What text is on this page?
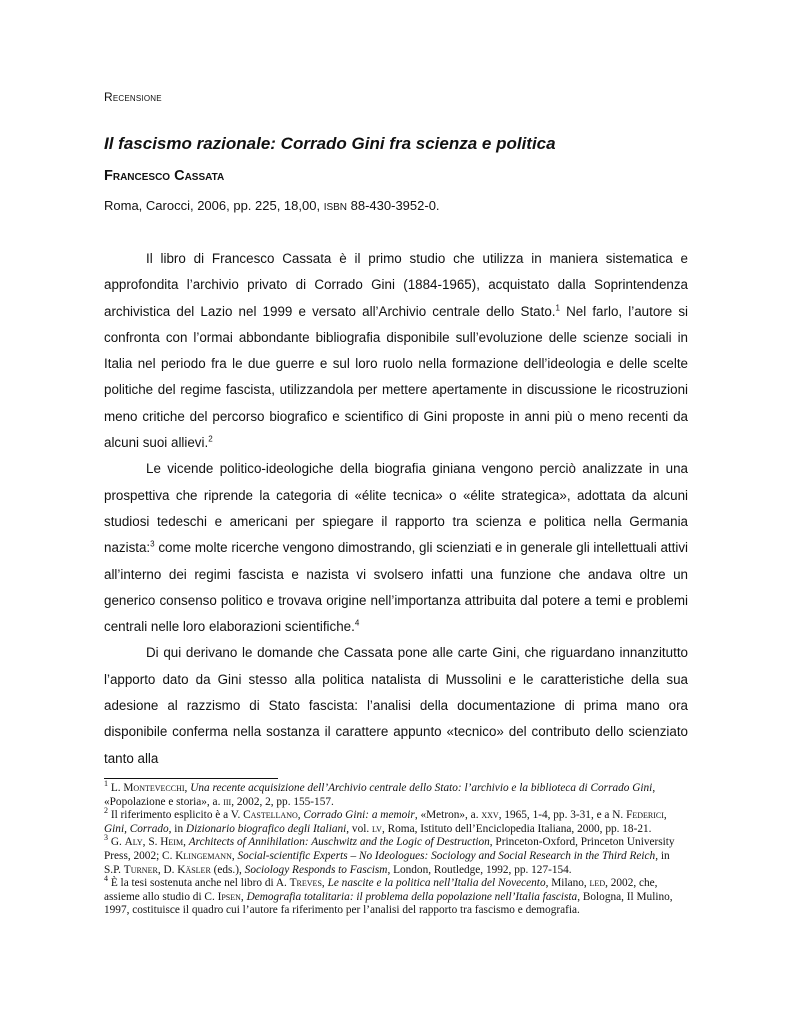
Recensione
Il fascismo razionale: Corrado Gini fra scienza e politica
Francesco Cassata
Roma, Carocci, 2006, pp. 225, 18,00, ISBN 88-430-3952-0.

Il libro di Francesco Cassata è il primo studio che utilizza in maniera sistematica e approfondita l’archivio privato di Corrado Gini (1884-1965), acquistato dalla Soprintendenza archivistica del Lazio nel 1999 e versato all’Archivio centrale dello Stato.$^1$ Nel farlo, l’autore si confronta con l’ormai abbondante bibliografia disponibile sull’evoluzione delle scienze sociali in Italia nel periodo fra le due guerre e sul loro ruolo nella formazione dell’ideologia e delle scelte politiche del regime fascista, utilizzandola per mettere apertamente in discussione le ricostruzioni meno critiche del percorso biografico e scientifico di Gini proposte in anni più o meno recenti da alcuni suoi allievi.$^2$

Le vicende politico-ideologiche della biografia giniana vengono perciò analizzate in una prospettiva che riprende la categoria di «élite tecnica» o «élite strategica», adottata da alcuni studiosi tedeschi e americani per spiegare il rapporto tra scienza e politica nella Germania nazista:$^3$ come molte ricerche vengono dimostrando, gli scienziati e in generale gli intellettuali attivi all’interno dei regimi fascista e nazista vi svolsero infatti una funzione che andava oltre un generico consenso politico e trovava origine nell’importanza attribuita dal potere a temi e problemi centrali nelle loro elaborazioni scientifiche.$^4$

Di qui derivano le domande che Cassata pone alle carte Gini, che riguardano innanzitutto l’apporto dato da Gini stesso alla politica natalista di Mussolini e le caratteristiche della sua adesione al razzismo di Stato fascista: l’analisi della documentazione di prima mano ora disponibile conferma nella sostanza il carattere appunto «tecnico» del contributo dello scienziato tanto alla

$^1$ L. Montevecchi, Una recente acquisizione dell’Archivio centrale dello Stato: l’archivio e la biblioteca di Corrado Gini, «Popolazione e storia», a. iii, 2002, 2, pp. 155-157.

$^2$ Il riferimento esplicito è a V. Castellano, Corrado Gini: a memoir, «Metron», a. xxv, 1965, 1-4, pp. 3-31, e a N. Federici, Gini, Corrado, in Dizionario biografico degli Italiani, vol. lv, Roma, Istituto dell’Enciclopedia Italiana, 2000, pp. 18-21.

$^3$ G. Aly, S. Heim, Architects of Annihilation: Auschwitz and the Logic of Destruction, Princeton-Oxford, Princeton University Press, 2002; C. Klingemann, Social-scientific Experts – No Ideologues: Sociology and Social Research in the Third Reich, in S.P. Turner, D. Käsler (eds.), Sociology Responds to Fascism, London, Routledge, 1992, pp. 127-154.

$^4$ È la tesi sostenuta anche nel libro di A. Treves, Le nascite e la politica nell’Italia del Novecento, Milano, led, 2002, che, assieme allo studio di C. Ipsen, Demografia totalitaria: il problema della popolazione nell’Italia fascista, Bologna, Il Mulino, 1997, costituisce il quadro cui l’autore fa riferimento per l’analisi del rapporto tra fascismo e demografia.
